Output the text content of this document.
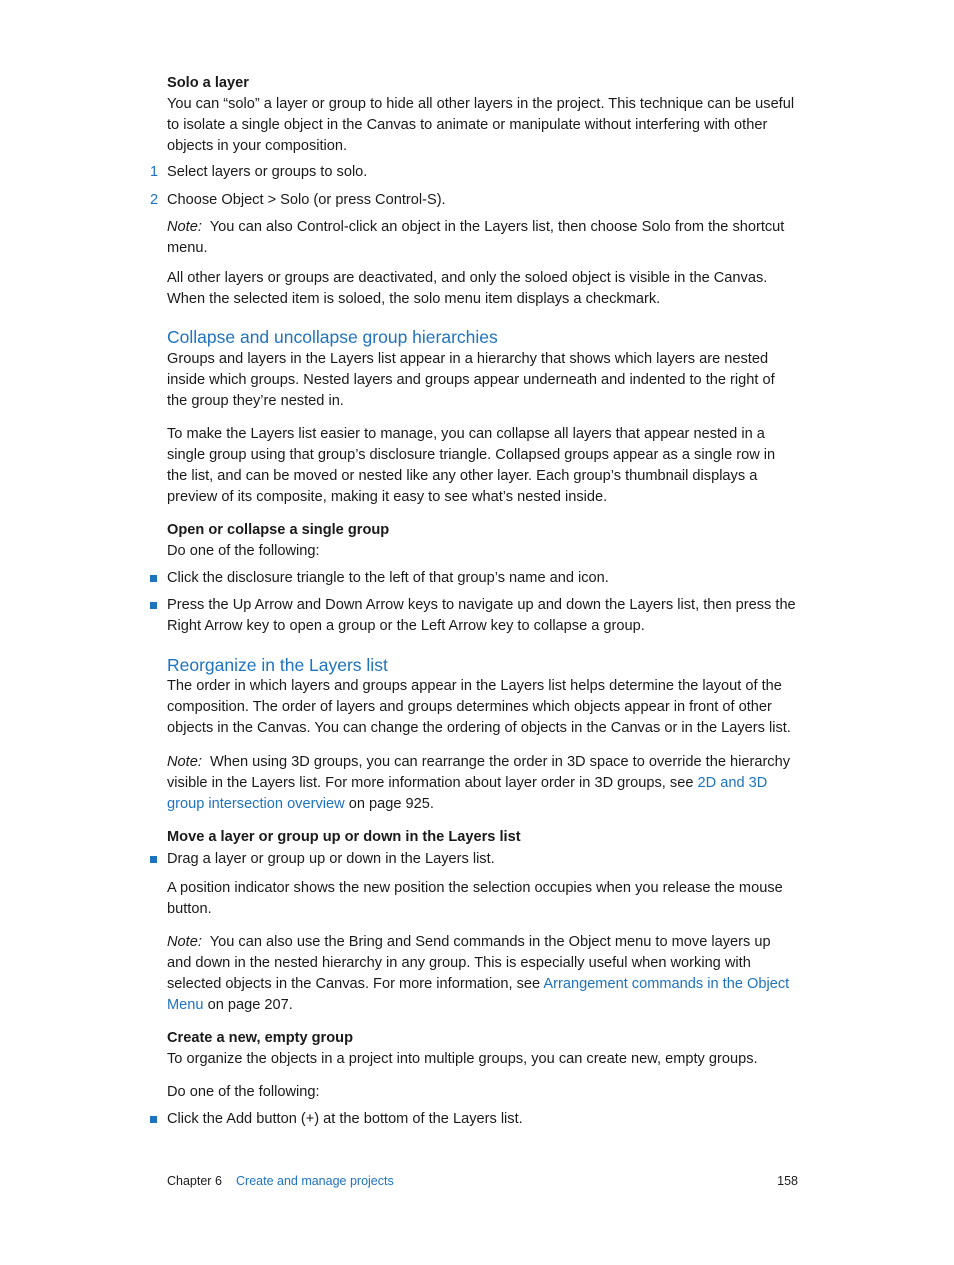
Solo a layer

You can “solo” a layer or group to hide all other layers in the project. This technique can be useful to isolate a single object in the Canvas to animate or manipulate without interfering with other objects in your composition.

1 Select layers or groups to solo.
2 Choose Object > Solo (or press Control-S).

Note: You can also Control-click an object in the Layers list, then choose Solo from the shortcut menu.

All other layers or groups are deactivated, and only the soloed object is visible in the Canvas. When the selected item is soloed, the solo menu item displays a checkmark.
Collapse and uncollapse group hierarchies
Groups and layers in the Layers list appear in a hierarchy that shows which layers are nested inside which groups. Nested layers and groups appear underneath and indented to the right of the group they’re nested in.
To make the Layers list easier to manage, you can collapse all layers that appear nested in a single group using that group’s disclosure triangle. Collapsed groups appear as a single row in the list, and can be moved or nested like any other layer. Each group’s thumbnail displays a preview of its composite, making it easy to see what’s nested inside.

Open or collapse a single group

Do one of the following:

Click the disclosure triangle to the left of that group’s name and icon.
Press the Up Arrow and Down Arrow keys to navigate up and down the Layers list, then press the Right Arrow key to open a group or the Left Arrow key to collapse a group.
Reorganize in the Layers list
The order in which layers and groups appear in the Layers list helps determine the layout of the composition. The order of layers and groups determines which objects appear in front of other objects in the Canvas. You can change the ordering of objects in the Canvas or in the Layers list.

Note: When using 3D groups, you can rearrange the order in 3D space to override the hierarchy visible in the Layers list. For more information about layer order in 3D groups, see 2D and 3D group intersection overview on page 925.

Move a layer or group up or down in the Layers list

Drag a layer or group up or down in the Layers list.
A position indicator shows the new position the selection occupies when you release the mouse button.

Note: You can also use the Bring and Send commands in the Object menu to move layers up and down in the nested hierarchy in any group. This is especially useful when working with selected objects in the Canvas. For more information, see Arrangement commands in the Object Menu on page 207.

Create a new, empty group

To organize the objects in a project into multiple groups, you can create new, empty groups.

Do one of the following:
Click the Add button (+) at the bottom of the Layers list.
Chapter 6 Create and manage projects	158
